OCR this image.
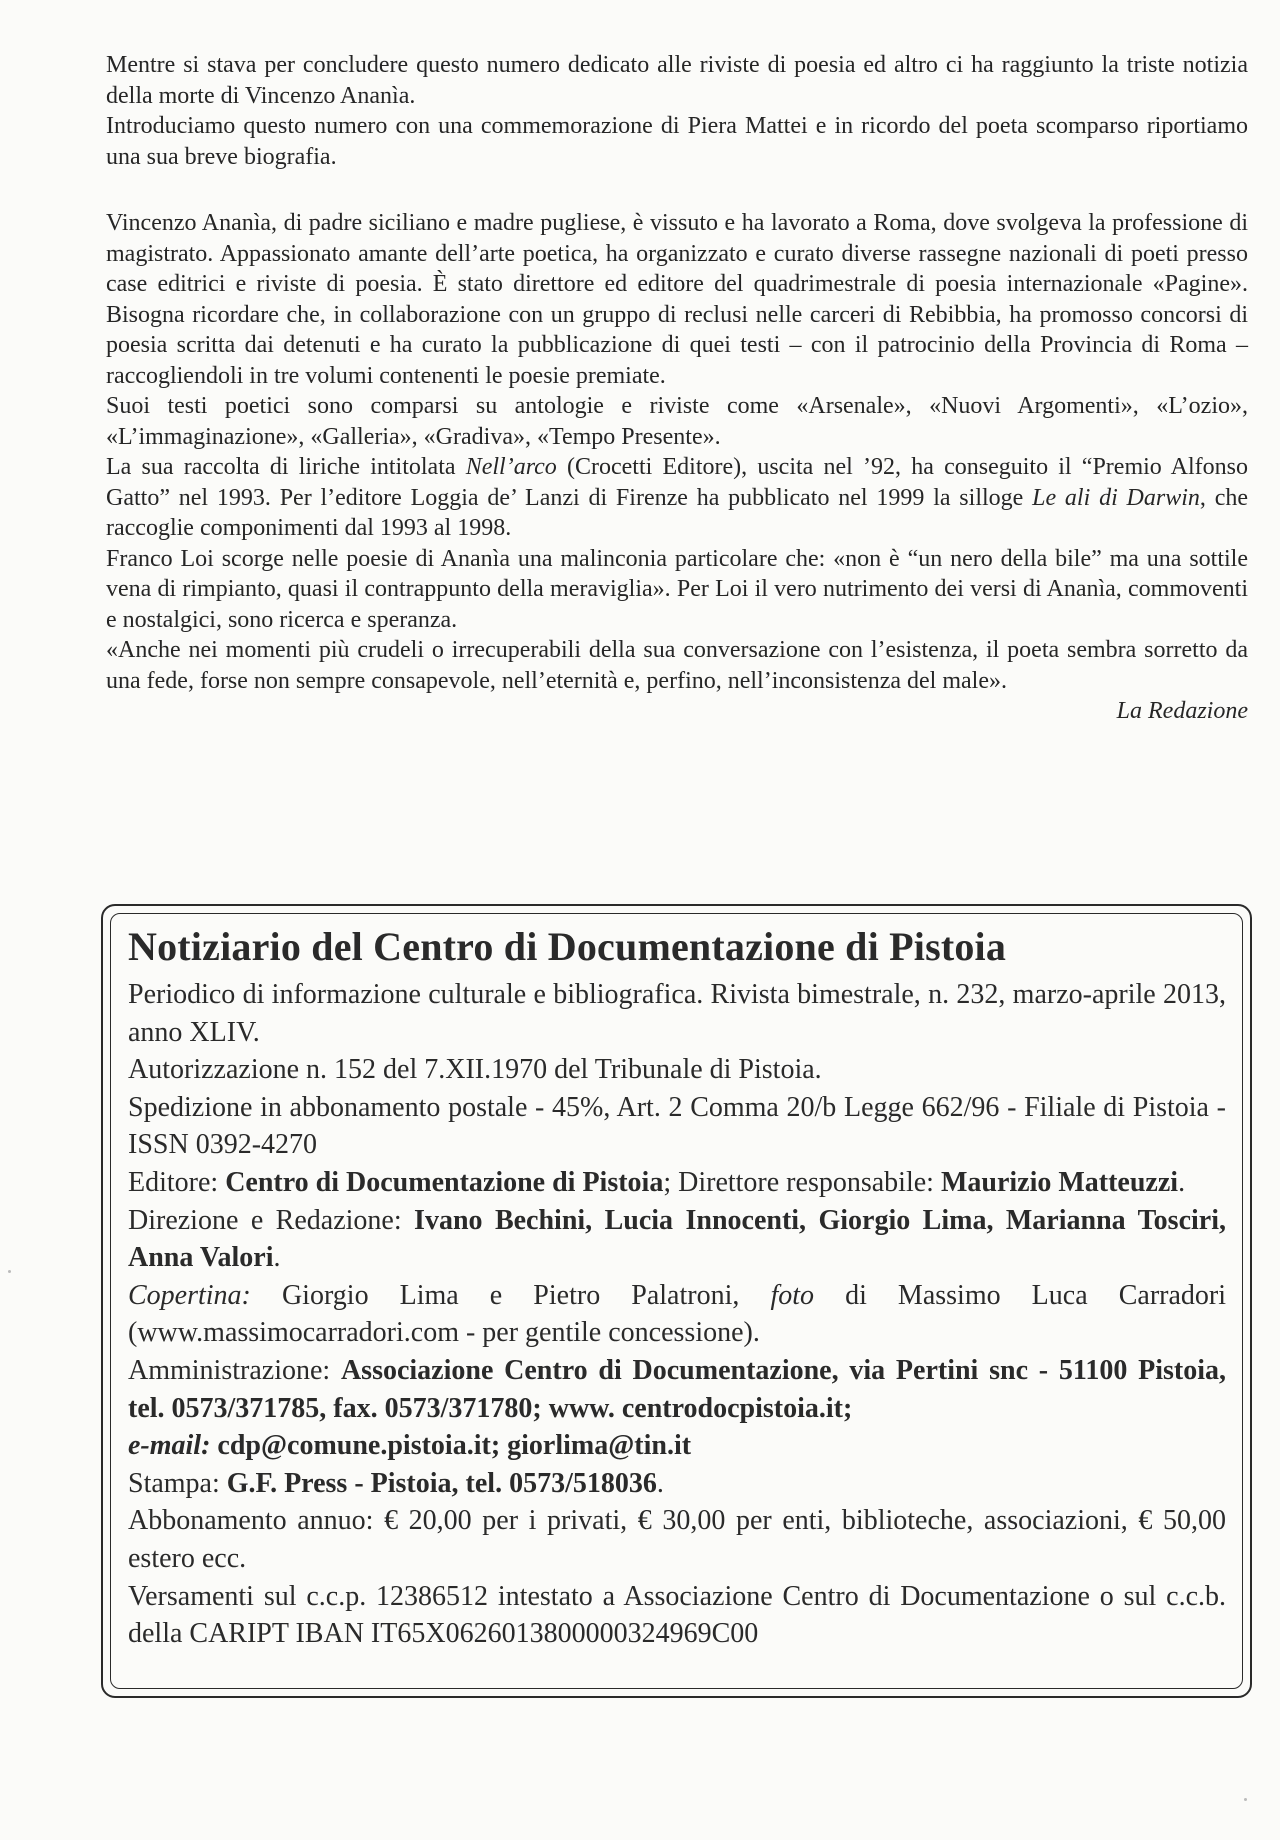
Mentre si stava per concludere questo numero dedicato alle riviste di poesia ed altro ci ha raggiunto la triste notizia della morte di Vincenzo Ananìa.

Introduciamo questo numero con una commemorazione di Piera Mattei e in ricordo del poeta scomparso riportiamo una sua breve biografia.

Vincenzo Ananìa, di padre siciliano e madre pugliese, è vissuto e ha lavorato a Roma, dove svolgeva la professione di magistrato. Appassionato amante dell’arte poetica, ha organizzato e curato diverse rassegne nazionali di poeti presso case editrici e riviste di poesia. È stato direttore ed editore del quadrimestrale di poesia internazionale «Pagine». Bisogna ricordare che, in collaborazione con un gruppo di reclusi nelle carceri di Rebibbia, ha promosso concorsi di poesia scritta dai detenuti e ha curato la pubblicazione di quei testi – con il patrocinio della Provincia di Roma – raccogliendoli in tre volumi contenenti le poesie premiate.

Suoi testi poetici sono comparsi su antologie e riviste come «Arsenale», «Nuovi Argomenti», «L’ozio», «L’immaginazione», «Galleria», «Gradiva», «Tempo Presente».

La sua raccolta di liriche intitolata Nell’arco (Crocetti Editore), uscita nel ’92, ha conseguito il “Premio Alfonso Gatto” nel 1993. Per l’editore Loggia de’ Lanzi di Firenze ha pubblicato nel 1999 la silloge Le ali di Darwin, che raccoglie componimenti dal 1993 al 1998.

Franco Loi scorge nelle poesie di Ananìa una malinconia particolare che: «non è “un nero della bile” ma una sottile vena di rimpianto, quasi il contrappunto della meraviglia». Per Loi il vero nutrimento dei versi di Ananìa, commoventi e nostalgici, sono ricerca e speranza.

«Anche nei momenti più crudeli o irrecuperabili della sua conversazione con l’esistenza, il poeta sembra sorretto da una fede, forse non sempre consapevole, nell’eternità e, perfino, nell’inconsistenza del male».

La Redazione

Notiziario del Centro di Documentazione di Pistoia

Periodico di informazione culturale e bibliografica. Rivista bimestrale, n. 232, marzo-aprile 2013, anno XLIV.

Autorizzazione n. 152 del 7.XII.1970 del Tribunale di Pistoia.

Spedizione in abbonamento postale - 45%, Art. 2 Comma 20/b Legge 662/96 - Filiale di Pistoia - ISSN 0392-4270

Editore: Centro di Documentazione di Pistoia; Direttore responsabile: Maurizio Matteuzzi.

Direzione e Redazione: Ivano Bechini, Lucia Innocenti, Giorgio Lima, Marianna Tosciri, Anna Valori.

Copertina: Giorgio Lima e Pietro Palatroni, foto di Massimo Luca Carradori (www.massimocarradori.com - per gentile concessione).

Amministrazione: Associazione Centro di Documentazione, via Pertini snc - 51100 Pistoia, tel. 0573/371785, fax. 0573/371780; www. centrodocpistoia.it;
e-mail: cdp@comune.pistoia.it; giorlima@tin.it

Stampa: G.F. Press - Pistoia, tel. 0573/518036.

Abbonamento annuo: € 20,00 per i privati, € 30,00 per enti, biblioteche, associazioni, € 50,00 estero ecc.

Versamenti sul c.c.p. 12386512 intestato a Associazione Centro di Documentazione o sul c.c.b. della CARIPT IBAN IT65X0626013800000324969C00
